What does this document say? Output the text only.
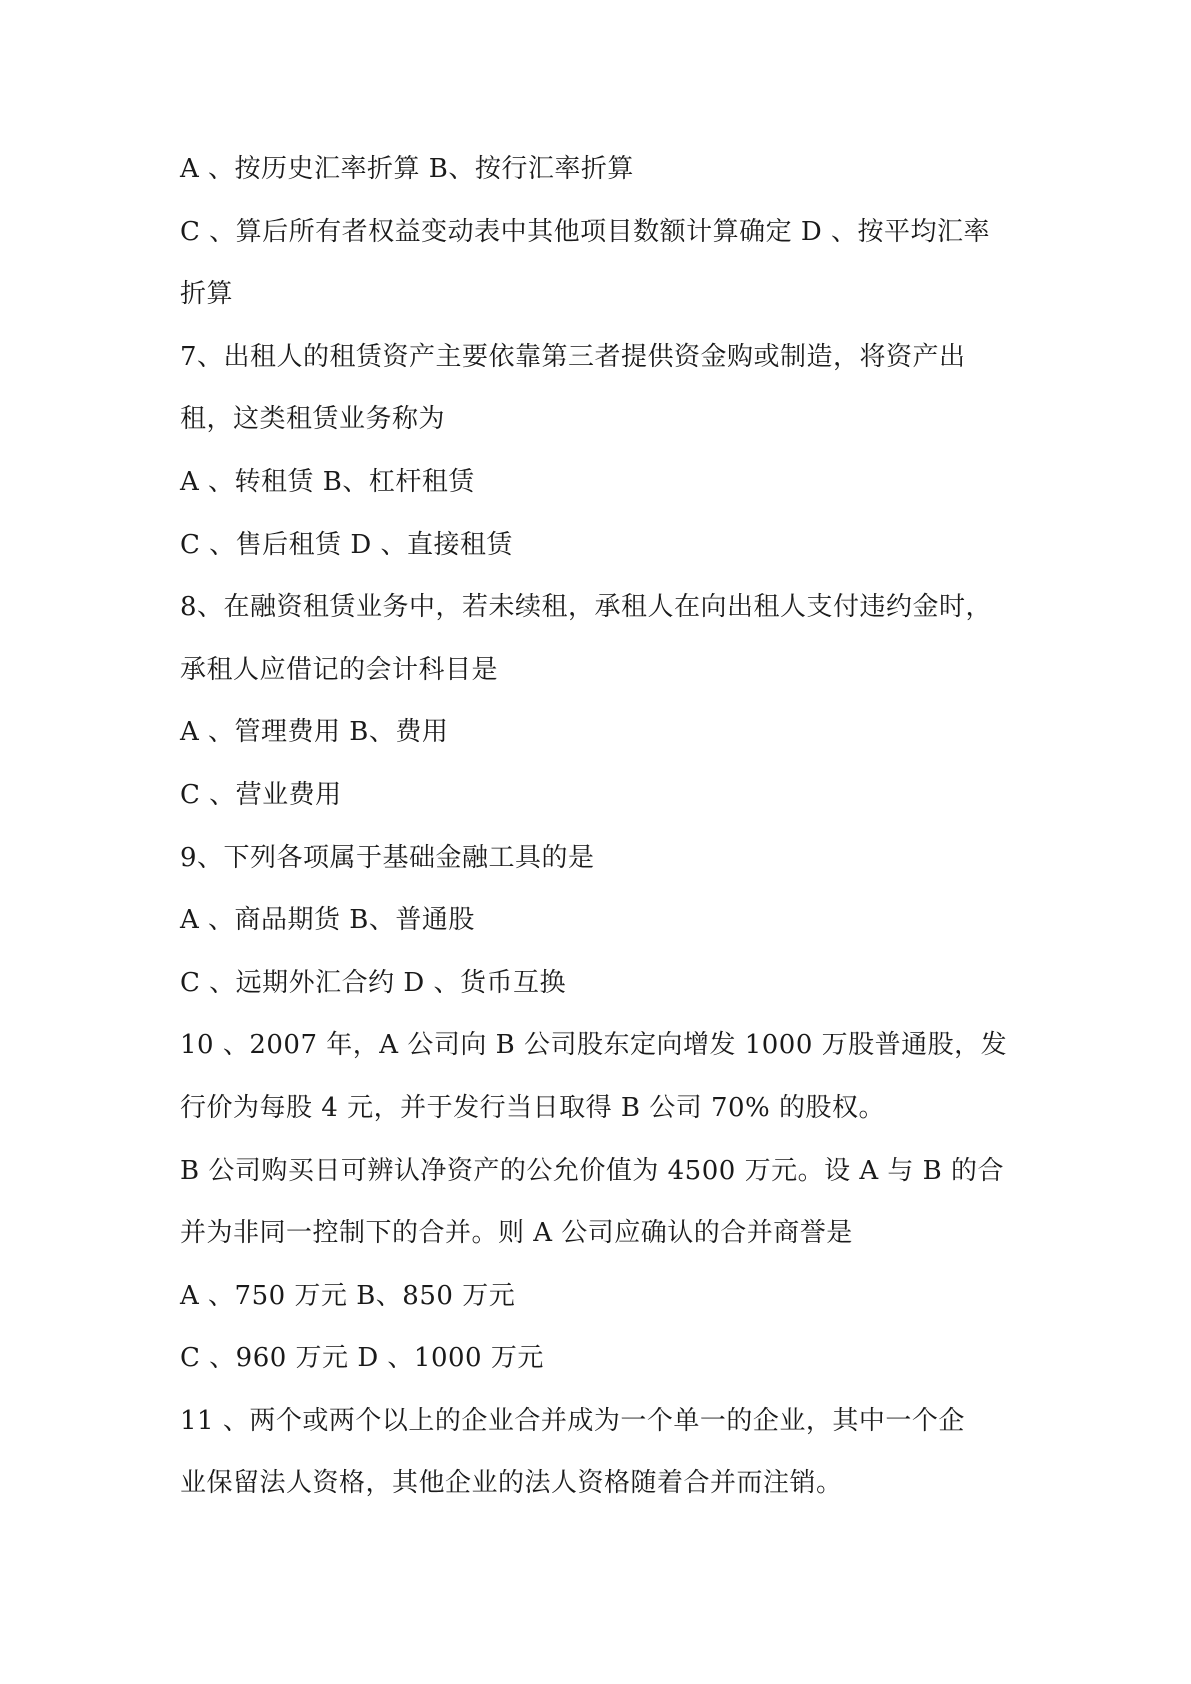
A 、按历史汇率折算 B、按行汇率折算
C 、算后所有者权益变动表中其他项目数额计算确定 D 、按平均汇率
折算
7、出租人的租赁资产主要依靠第三者提供资金购或制造，将资产出
租，这类租赁业务称为
A 、转租赁 B、杠杆租赁
C 、售后租赁 D 、直接租赁
8、在融资租赁业务中，若未续租，承租人在向出租人支付违约金时，
承租人应借记的会计科目是
A 、管理费用 B、费用
C 、营业费用
9、下列各项属于基础金融工具的是
A 、商品期货 B、普通股
C 、远期外汇合约 D 、货币互换
10 、2007 年，A 公司向 B 公司股东定向增发 1000 万股普通股，发
行价为每股 4 元，并于发行当日取得 B 公司 70% 的股权。
B 公司购买日可辨认净资产的公允价值为 4500 万元。设 A 与 B 的合
并为非同一控制下的合并。则 A 公司应确认的合并商誉是
A 、750 万元 B、850 万元
C 、960 万元 D 、1000 万元
11 、两个或两个以上的企业合并成为一个单一的企业，其中一个企
业保留法人资格，其他企业的法人资格随着合并而注销。
